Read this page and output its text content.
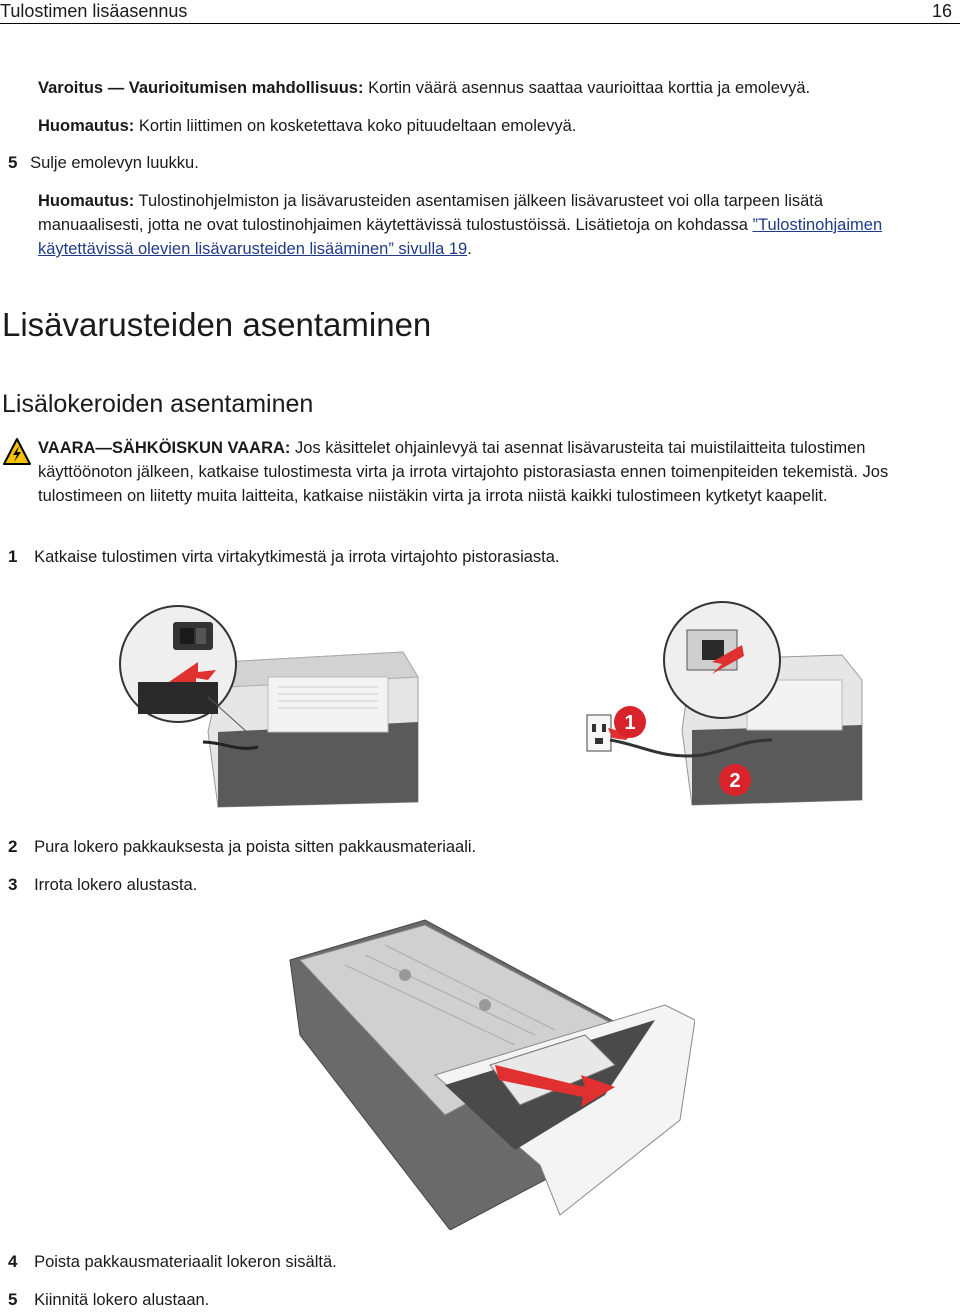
Tulostimen lisäasennus	16
Varoitus — Vaurioitumisen mahdollisuus: Kortin väärä asennus saattaa vaurioittaa korttia ja emolevyä.
Huomautus: Kortin liittimen on kosketettava koko pituudeltaan emolevyä.
5 Sulje emolevyn luukku.
Huomautus: Tulostinohjelmiston ja lisävarusteiden asentamisen jälkeen lisävarusteet voi olla tarpeen lisätä manuaalisesti, jotta ne ovat tulostinohjaimen käytettävissä tulostustöissä. Lisätietoja on kohdassa ”Tulostinohjaimen käytettävissä olevien lisävarusteiden lisääminen” sivulla 19.
Lisävarusteiden asentaminen
Lisälokeroiden asentaminen
VAARA—SÄHKÖISKUN VAARA: Jos käsittelet ohjainlevyä tai asennat lisävarusteita tai muistilaitteita tulostimen käyttöönoton jälkeen, katkaise tulostimesta virta ja irrota virtajohto pistorasiasta ennen toimenpiteiden tekemistä. Jos tulostimeen on liitetty muita laitteita, katkaise niistäkin virta ja irrota niistä kaikki tulostimeen kytketyt kaapelit.
1 Katkaise tulostimen virta virtakytkimestä ja irrota virtajohto pistorasiasta.
1
2
2 Pura lokero pakkauksesta ja poista sitten pakkausmateriaali.
3 Irrota lokero alustasta.
4 Poista pakkausmateriaalit lokeron sisältä.
5 Kiinnitä lokero alustaan.
